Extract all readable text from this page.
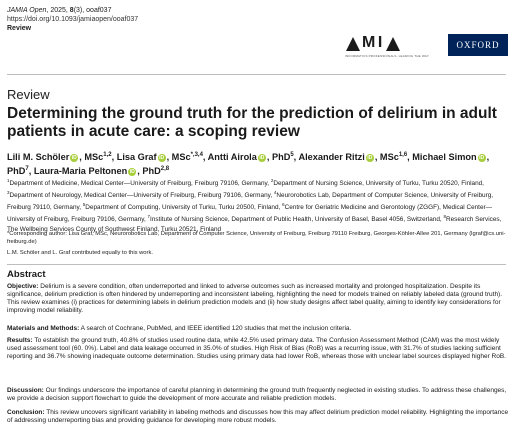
JAMIA Open, 2025, 8(3), ooaf037
https://doi.org/10.1093/jamiaopen/ooaf037
Review
M I
INFORMATICS PROFESSIONALS. LEADING THE WAY.
OXFORD
Review
Determining the ground truth for the prediction of delirium in adult patients in acute care: a scoping review
Lili M. Schöler iD , MSc$^{1,2}$, Lisa Graf iD , MSc$^{*,3,4}$, Antti Airola iD , PhD$^5$, Alexander Ritzi iD , MSc$^{1,6}$, Michael Simon iD , PhD$^7$, Laura-Maria Peltonen iD , PhD$^{2,8}$
$^1$Department of Medicine, Medical Center—University of Freiburg, Freiburg 79106, Germany, $^2$Department of Nursing Science, University of Turku, Turku 20520, Finland, $^3$Department of Neurology, Medical Center—University of Freiburg, Freiburg 79106, Germany, $^4$Neurorobotics Lab, Department of Computer Science, University of Freiburg, Freiburg 79110, Germany, $^5$Department of Computing, University of Turku, Turku 20500, Finland, $^6$Centre for Geriatric Medicine and Gerontology (ZGGF), Medical Center—University of Freiburg, Freiburg 79106, Germany, $^7$Institute of Nursing Science, Department of Public Health, University of Basel, Basel 4056, Switzerland, $^8$Research Services, The Wellbeing Services County of Southwest Finland, Turku 20521, Finland
*Corresponding author: Lisa Graf, MSc, Neurorobotics Lab, Department of Computer Science, University of Freiburg, Freiburg 79110 Freiburg, Georges-Köhler-Allee 201, Germany (lgraf@cs.uni-freiburg.de)
L.M. Schöler and L. Graf contributed equally to this work.
Abstract
Objective: Delirium is a severe condition, often underreported and linked to adverse outcomes such as increased mortality and prolonged hospitalization. Despite its significance, delirium prediction is often hindered by underreporting and inconsistent labeling, highlighting the need for models trained on reliably labeled data (ground truth). This review examines (i) practices for determining labels in delirium prediction models and (ii) how study designs affect label quality, aiming to identify key considerations for improving model reliability.
Materials and Methods: A search of Cochrane, PubMed, and IEEE identified 120 studies that met the inclusion criteria.
Results: To establish the ground truth, 40.8% of studies used routine data, while 42.5% used primary data. The Confusion Assessment Method (CAM) was the most widely used assessment tool (60. 0%). Label and data leakage occurred in 35.0% of studies. High Risk of Bias (RoB) was a recurring issue, with 31.7% of studies lacking sufficient reporting and 36.7% showing inadequate outcome determination. Studies using primary data had lower RoB, whereas those with unclear label sources displayed higher RoB.
Discussion: Our findings underscore the importance of careful planning in determining the ground truth frequently neglected in existing studies. To address these challenges, we provide a decision support flowchart to guide the development of more accurate and reliable prediction models.
Conclusion: This review uncovers significant variability in labeling methods and discusses how this may affect delirium prediction model reliability. Highlighting the importance of addressing underreporting bias and providing guidance for developing more robust models.
